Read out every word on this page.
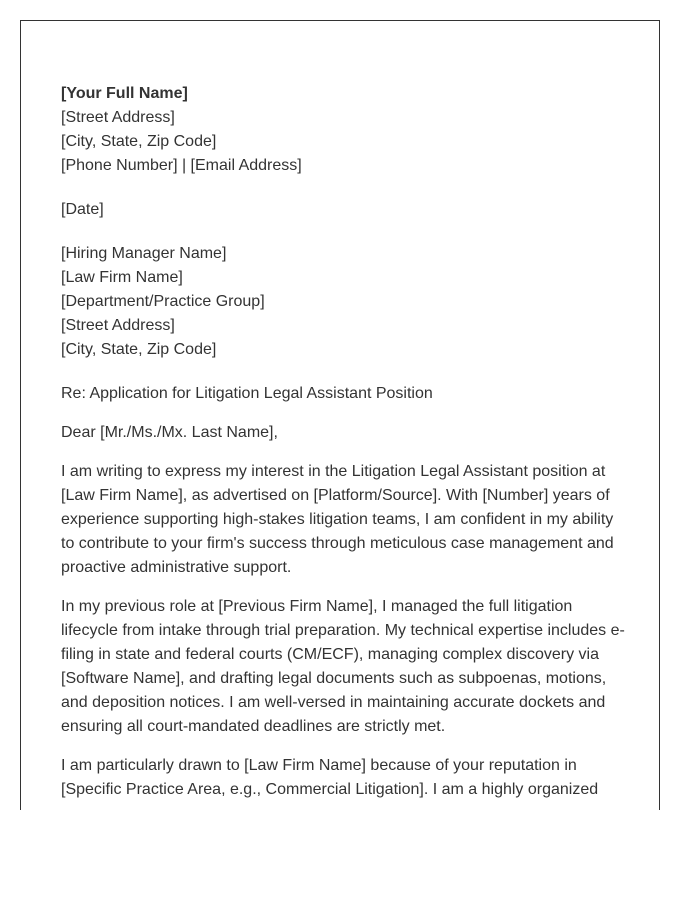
[Your Full Name]
[Street Address]
[City, State, Zip Code]
[Phone Number] | [Email Address]
[Date]
[Hiring Manager Name]
[Law Firm Name]
[Department/Practice Group]
[Street Address]
[City, State, Zip Code]
Re: Application for Litigation Legal Assistant Position
Dear [Mr./Ms./Mx. Last Name],

I am writing to express my interest in the Litigation Legal Assistant position at [Law Firm Name], as advertised on [Platform/Source]. With [Number] years of experience supporting high-stakes litigation teams, I am confident in my ability to contribute to your firm's success through meticulous case management and proactive administrative support.

In my previous role at [Previous Firm Name], I managed the full litigation lifecycle from intake through trial preparation. My technical expertise includes e-filing in state and federal courts (CM/ECF), managing complex discovery via [Software Name], and drafting legal documents such as subpoenas, motions, and deposition notices. I am well-versed in maintaining accurate dockets and ensuring all court-mandated deadlines are strictly met.

I am particularly drawn to [Law Firm Name] because of your reputation in [Specific Practice Area, e.g., Commercial Litigation]. I am a highly organized
